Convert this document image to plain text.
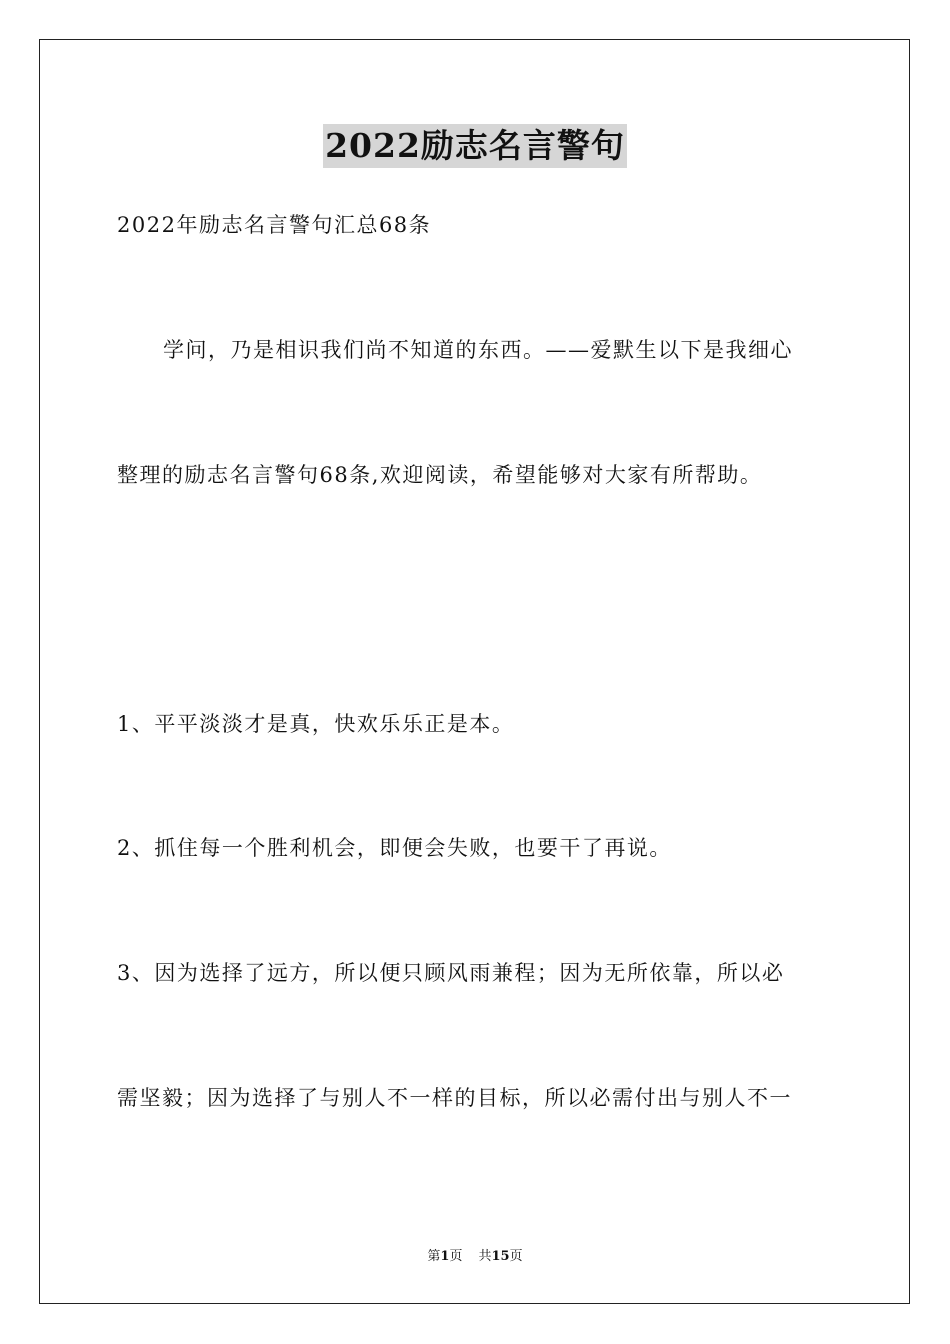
2022励志名言警句
2022年励志名言警句汇总68条
学问，乃是相识我们尚不知道的东西。——爱默生以下是我细心
整理的励志名言警句68条,欢迎阅读，希望能够对大家有所帮助。
1、平平淡淡才是真，快欢乐乐正是本。
2、抓住每一个胜利机会，即便会失败，也要干了再说。
3、因为选择了远方，所以便只顾风雨兼程；因为无所依靠，所以必
需坚毅；因为选择了与别人不一样的目标，所以必需付出与别人不一
第1页 共15页
